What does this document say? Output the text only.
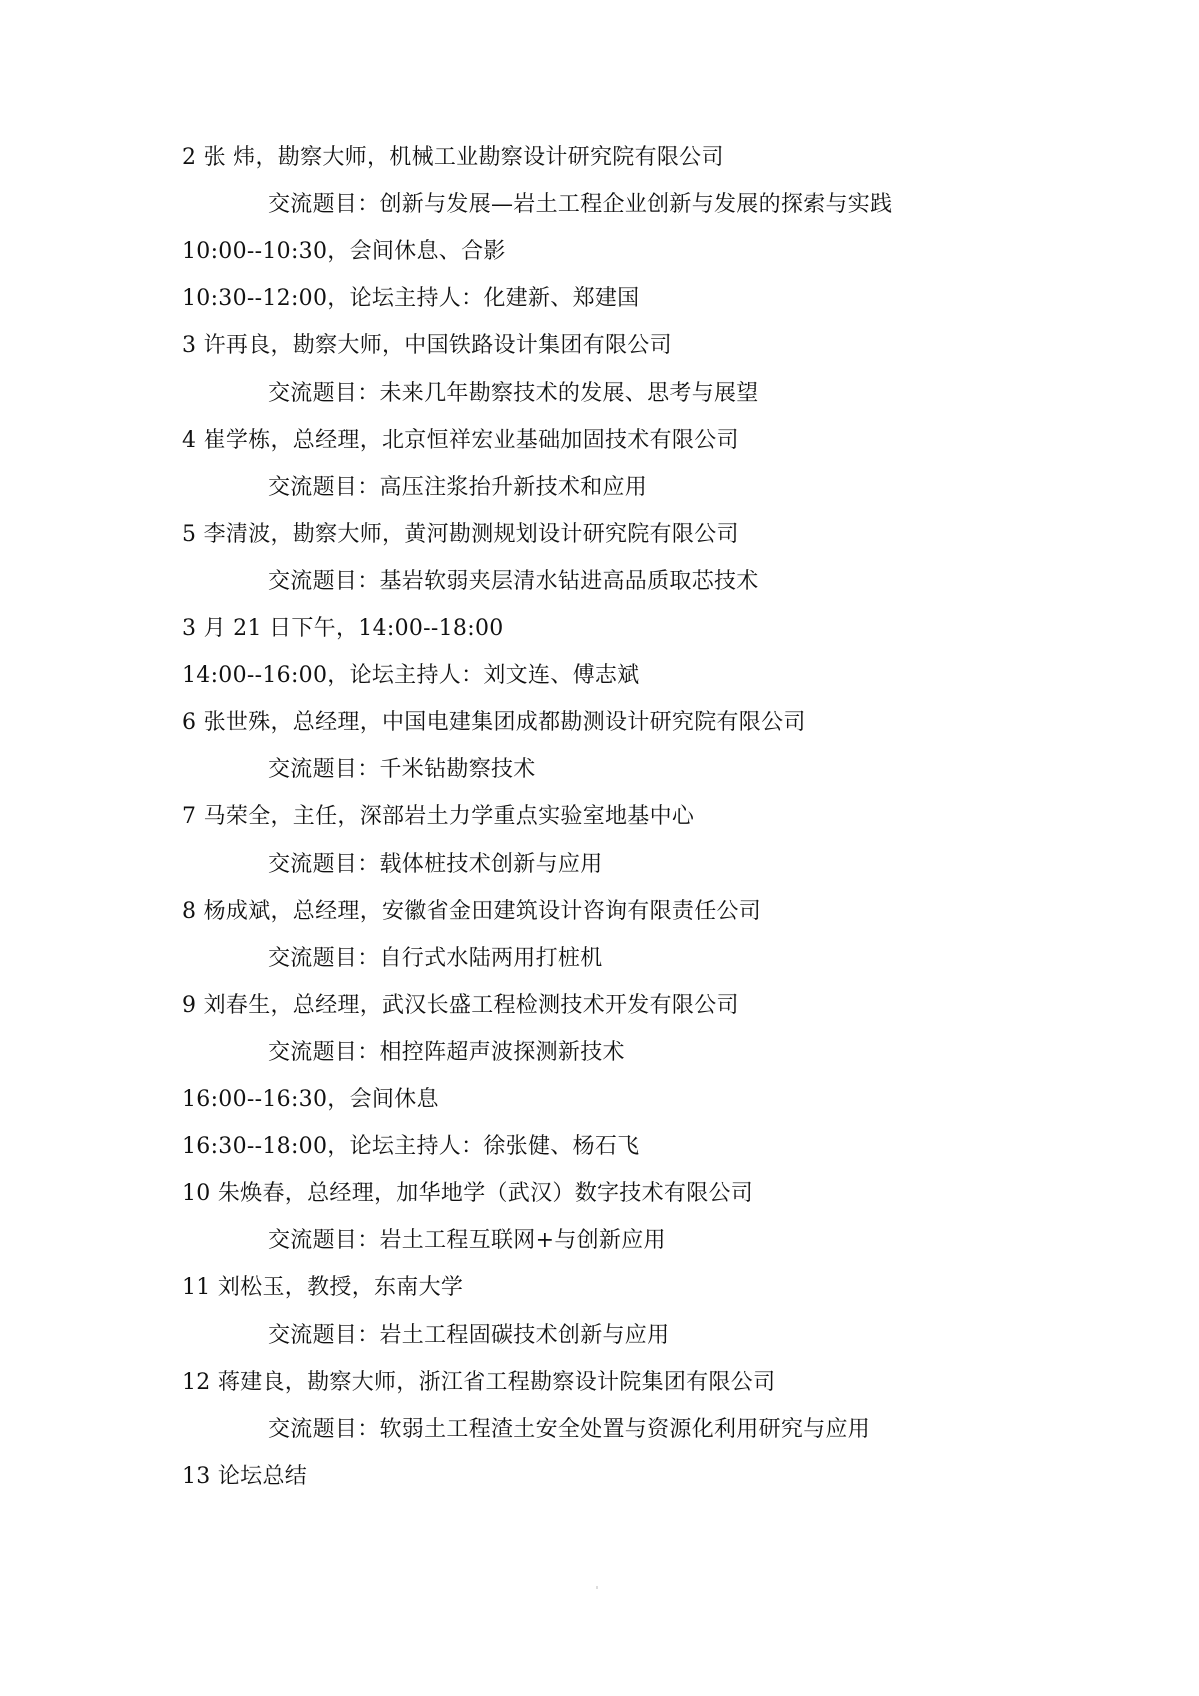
2 张 炜，勘察大师，机械工业勘察设计研究院有限公司
交流题目：创新与发展—岩土工程企业创新与发展的探索与实践
10:00--10:30，会间休息、合影
10:30--12:00，论坛主持人：化建新、郑建国
3 许再良，勘察大师，中国铁路设计集团有限公司
交流题目：未来几年勘察技术的发展、思考与展望
4 崔学栋，总经理，北京恒祥宏业基础加固技术有限公司
交流题目：高压注浆抬升新技术和应用
5 李清波，勘察大师，黄河勘测规划设计研究院有限公司
交流题目：基岩软弱夹层清水钻进高品质取芯技术
3 月 21 日下午，14:00--18:00
14:00--16:00，论坛主持人：刘文连、傅志斌
6 张世殊，总经理，中国电建集团成都勘测设计研究院有限公司
交流题目：千米钻勘察技术
7 马荣全，主任，深部岩土力学重点实验室地基中心
交流题目：载体桩技术创新与应用
8 杨成斌，总经理，安徽省金田建筑设计咨询有限责任公司
交流题目：自行式水陆两用打桩机
9 刘春生，总经理，武汉长盛工程检测技术开发有限公司
交流题目：相控阵超声波探测新技术
16:00--16:30，会间休息
16:30--18:00，论坛主持人：徐张健、杨石飞
10 朱焕春，总经理，加华地学（武汉）数字技术有限公司
交流题目：岩土工程互联网+与创新应用
11 刘松玉，教授，东南大学
交流题目：岩土工程固碳技术创新与应用
12 蒋建良，勘察大师，浙江省工程勘察设计院集团有限公司
交流题目：软弱土工程渣土安全处置与资源化利用研究与应用
13 论坛总结
